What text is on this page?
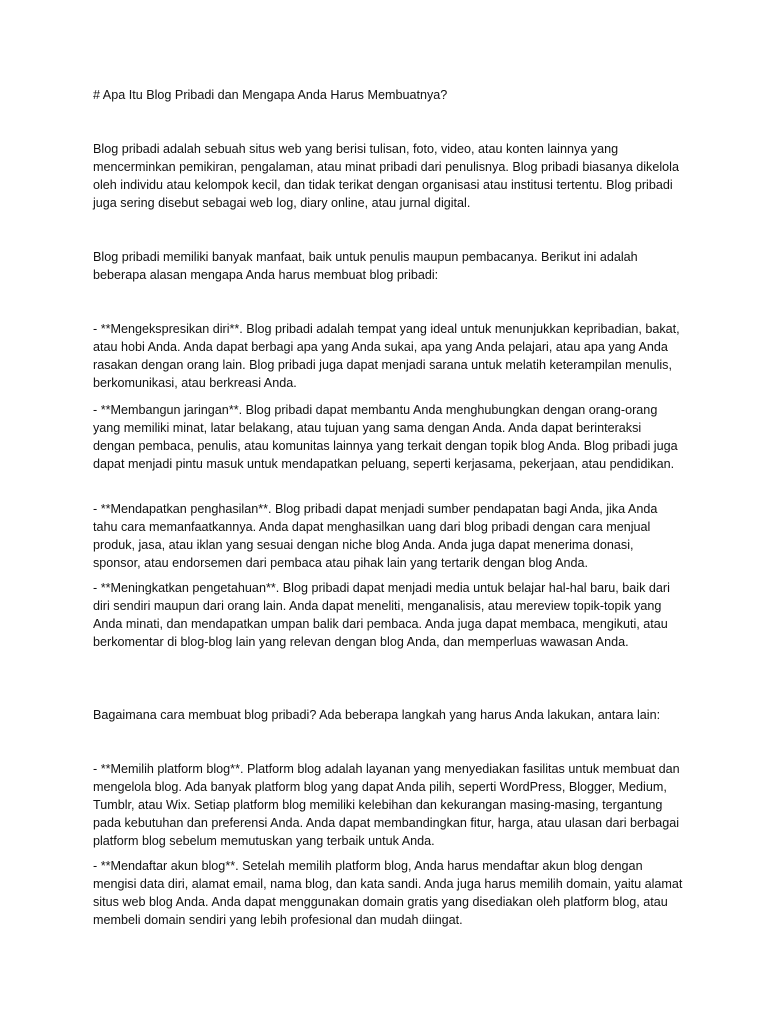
# Apa Itu Blog Pribadi dan Mengapa Anda Harus Membuatnya?

Blog pribadi adalah sebuah situs web yang berisi tulisan, foto, video, atau konten lainnya yang mencerminkan pemikiran, pengalaman, atau minat pribadi dari penulisnya. Blog pribadi biasanya dikelola oleh individu atau kelompok kecil, dan tidak terikat dengan organisasi atau institusi tertentu. Blog pribadi juga sering disebut sebagai web log, diary online, atau jurnal digital.

Blog pribadi memiliki banyak manfaat, baik untuk penulis maupun pembacanya. Berikut ini adalah beberapa alasan mengapa Anda harus membuat blog pribadi:

- **Mengekspresikan diri**. Blog pribadi adalah tempat yang ideal untuk menunjukkan kepribadian, bakat, atau hobi Anda. Anda dapat berbagi apa yang Anda sukai, apa yang Anda pelajari, atau apa yang Anda rasakan dengan orang lain. Blog pribadi juga dapat menjadi sarana untuk melatih keterampilan menulis, berkomunikasi, atau berkreasi Anda.

- **Membangun jaringan**. Blog pribadi dapat membantu Anda menghubungkan dengan orang-orang yang memiliki minat, latar belakang, atau tujuan yang sama dengan Anda. Anda dapat berinteraksi dengan pembaca, penulis, atau komunitas lainnya yang terkait dengan topik blog Anda. Blog pribadi juga dapat menjadi pintu masuk untuk mendapatkan peluang, seperti kerjasama, pekerjaan, atau pendidikan.

- **Mendapatkan penghasilan**. Blog pribadi dapat menjadi sumber pendapatan bagi Anda, jika Anda tahu cara memanfaatkannya. Anda dapat menghasilkan uang dari blog pribadi dengan cara menjual produk, jasa, atau iklan yang sesuai dengan niche blog Anda. Anda juga dapat menerima donasi, sponsor, atau endorsemen dari pembaca atau pihak lain yang tertarik dengan blog Anda.

- **Meningkatkan pengetahuan**. Blog pribadi dapat menjadi media untuk belajar hal-hal baru, baik dari diri sendiri maupun dari orang lain. Anda dapat meneliti, menganalisis, atau mereview topik-topik yang Anda minati, dan mendapatkan umpan balik dari pembaca. Anda juga dapat membaca, mengikuti, atau berkomentar di blog-blog lain yang relevan dengan blog Anda, dan memperluas wawasan Anda.

Bagaimana cara membuat blog pribadi? Ada beberapa langkah yang harus Anda lakukan, antara lain:

- **Memilih platform blog**. Platform blog adalah layanan yang menyediakan fasilitas untuk membuat dan mengelola blog. Ada banyak platform blog yang dapat Anda pilih, seperti WordPress, Blogger, Medium, Tumblr, atau Wix. Setiap platform blog memiliki kelebihan dan kekurangan masing-masing, tergantung pada kebutuhan dan preferensi Anda. Anda dapat membandingkan fitur, harga, atau ulasan dari berbagai platform blog sebelum memutuskan yang terbaik untuk Anda.

- **Mendaftar akun blog**. Setelah memilih platform blog, Anda harus mendaftar akun blog dengan mengisi data diri, alamat email, nama blog, dan kata sandi. Anda juga harus memilih domain, yaitu alamat situs web blog Anda. Anda dapat menggunakan domain gratis yang disediakan oleh platform blog, atau membeli domain sendiri yang lebih profesional dan mudah diingat.
